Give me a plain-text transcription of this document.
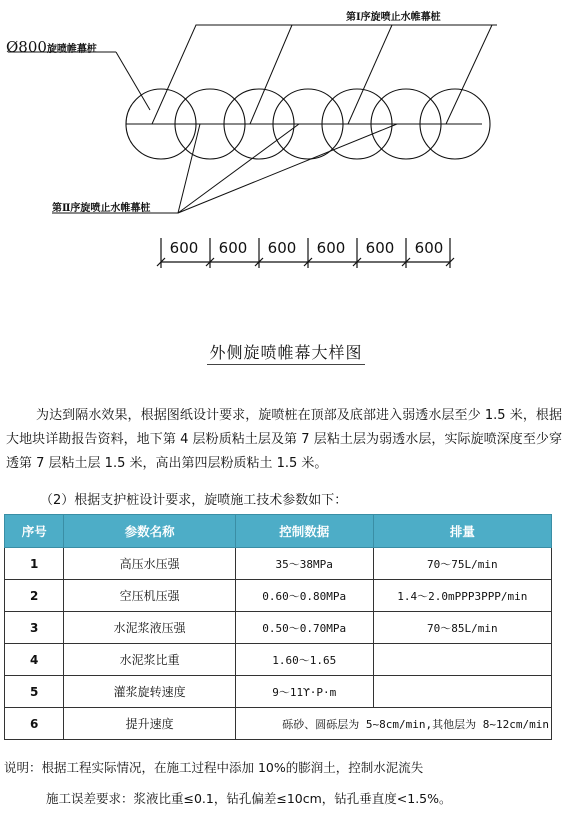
第Ⅰ序旋喷止水帷幕桩
Ø800旋喷帷幕桩
第Ⅱ序旋喷止水帷幕桩
600	600	600	600	600	600
外侧旋喷帷幕大样图
为达到隔水效果，根据图纸设计要求，旋喷桩在顶部及底部进入弱透水层至少 1.5 米，根据大地块详勘报告资料，地下第 4 层粉质粘土层及第 7 层粘土层为弱透水层，实际旋喷深度至少穿透第 7 层粘土层 1.5 米，高出第四层粉质粘土 1.5 米。
（2）根据支护桩设计要求，旋喷施工技术参数如下：
序号	参数名称	控制数据	排量
1	高压水压强	35～38MPa	70～75L/min
2	空压机压强	0.60～0.80MPa	1.4～2.0mPPP3PPP/min
3	水泥浆液压强	0.50～0.70MPa	70～85L/min
4	水泥浆比重	1.60～1.65	
5	灌浆旋转速度	9～11ϒ·P·m	
6	提升速度	砾砂、圆砾层为 5~8cm/min,其他层为 8~12cm/min	
说明：根据工程实际情况，在施工过程中添加 10%的膨润土，控制水泥流失
施工误差要求：浆液比重≤0.1，钻孔偏差≤10cm，钻孔垂直度<1.5%。
